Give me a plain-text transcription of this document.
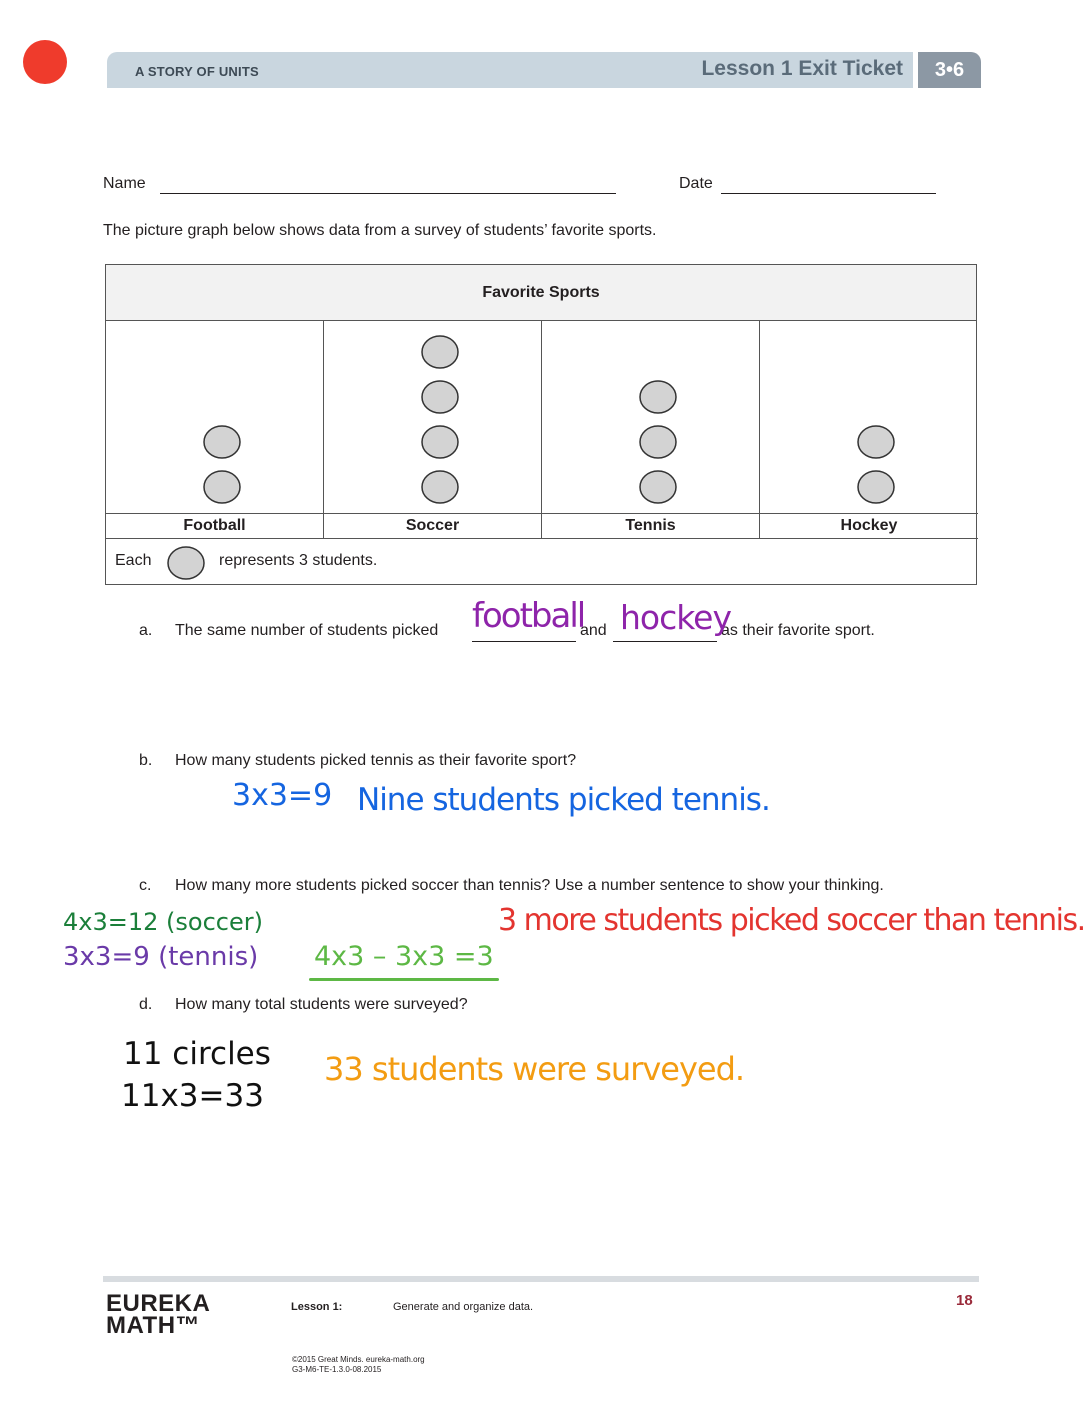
A STORY OF UNITS	Lesson 1 Exit Ticket	3•6
Name	Date

The picture graph below shows data from a survey of students’ favorite sports.

Favorite Sports
Football	Soccer	Tennis	Hockey
Each	represents 3 students.
a. The same number of students picked	and	as their favorite sport.
football hockey
b. How many students picked tennis as their favorite sport?
3x3=9 Nine students picked tennis.
c. How many more students picked soccer than tennis? Use a number sentence to show your thinking.
4x3=12 (soccer)
3x3=9 (tennis) 4x3 – 3x3 =3
3 more students picked soccer than tennis.
d. How many total students were surveyed?
11 circles
11x3=33
33 students were surveyed.
EUREKA
MATH™
Lesson 1:	Generate and organize data.	18
©2015 Great Minds. eureka-math.org
G3-M6-TE-1.3.0-08.2015
